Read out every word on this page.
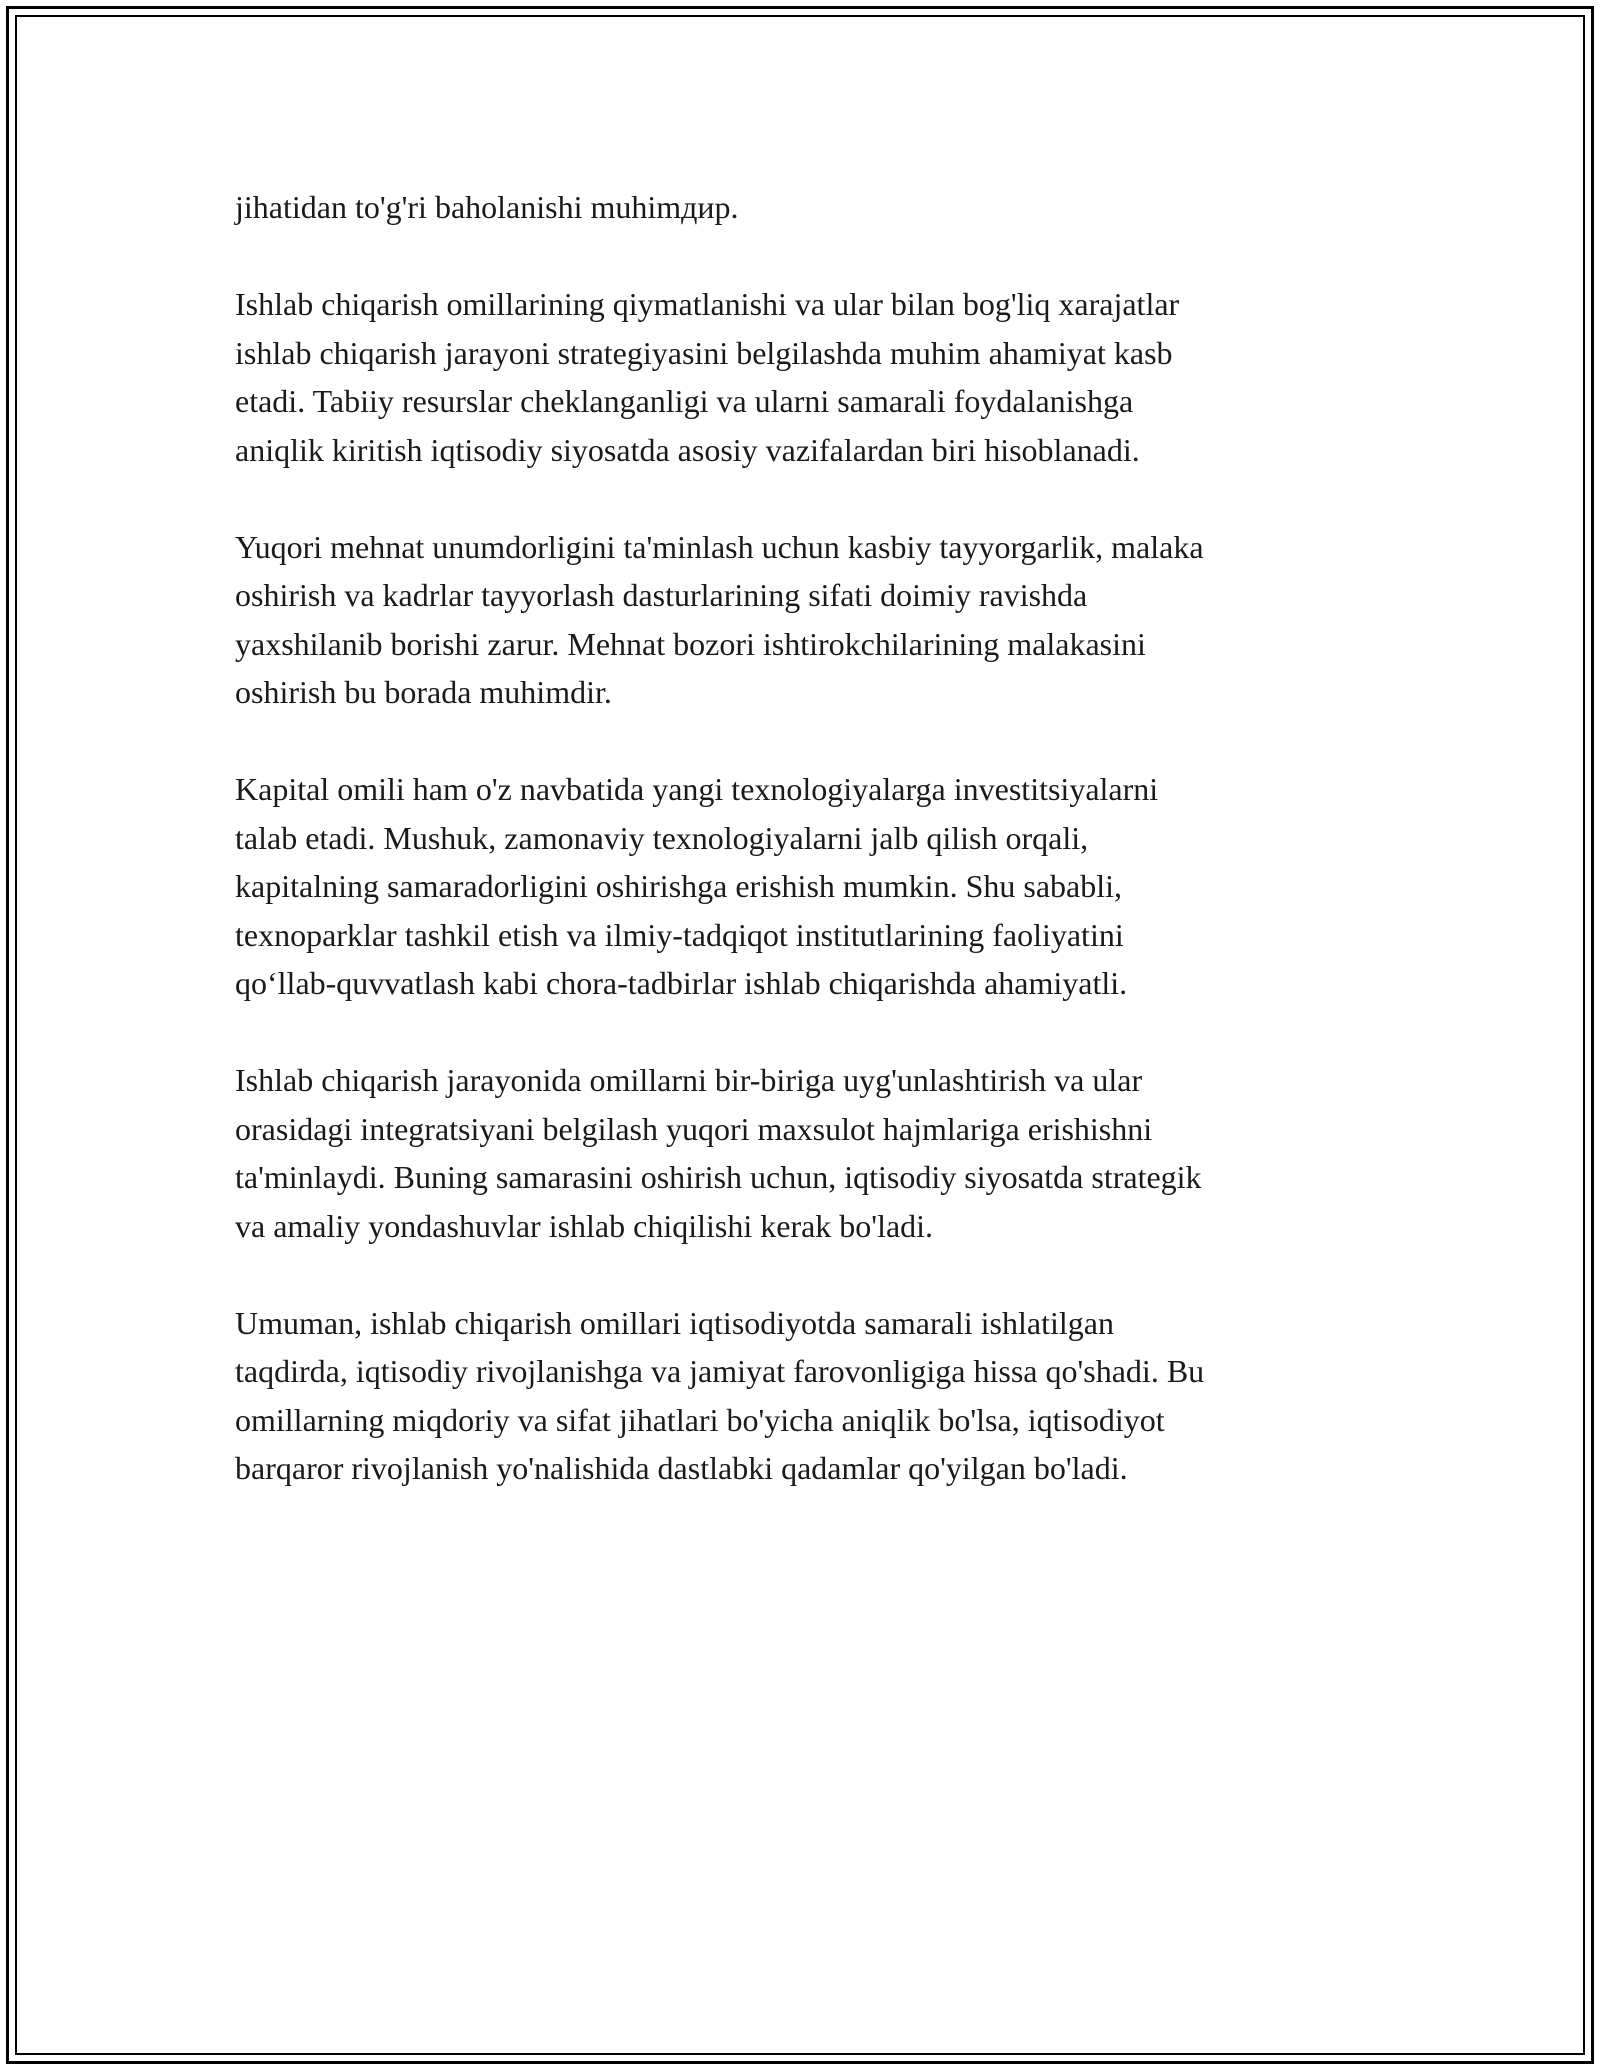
jihatidan to'g'ri baholanishi muhimдир.

Ishlab chiqarish omillarining qiymatlanishi va ular bilan bog'liq xarajatlar
ishlab chiqarish jarayoni strategiyasini belgilashda muhim ahamiyat kasb
etadi. Tabiiy resurslar cheklanganligi va ularni samarali foydalanishga
aniqlik kiritish iqtisodiy siyosatda asosiy vazifalardan biri hisoblanadi.

Yuqori mehnat unumdorligini ta'minlash uchun kasbiy tayyorgarlik, malaka
oshirish va kadrlar tayyorlash dasturlarining sifati doimiy ravishda
yaxshilanib borishi zarur. Mehnat bozori ishtirokchilarining malakasini
oshirish bu borada muhimdir.

Kapital omili ham o'z navbatida yangi texnologiyalarga investitsiyalarni
talab etadi. Mushuk, zamonaviy texnologiyalarni jalb qilish orqali,
kapitalning samaradorligini oshirishga erishish mumkin. Shu sababli,
texnoparklar tashkil etish va ilmiy-tadqiqot institutlarining faoliyatini
qo‘llab-quvvatlash kabi chora-tadbirlar ishlab chiqarishda ahamiyatli.

Ishlab chiqarish jarayonida omillarni bir-biriga uyg'unlashtirish va ular
orasidagi integratsiyani belgilash yuqori maxsulot hajmlariga erishishni
ta'minlaydi. Buning samarasini oshirish uchun, iqtisodiy siyosatda strategik
va amaliy yondashuvlar ishlab chiqilishi kerak bo'ladi.

Umuman, ishlab chiqarish omillari iqtisodiyotda samarali ishlatilgan
taqdirda, iqtisodiy rivojlanishga va jamiyat farovonligiga hissa qo'shadi. Bu
omillarning miqdoriy va sifat jihatlari bo'yicha aniqlik bo'lsa, iqtisodiyot
barqaror rivojlanish yo'nalishida dastlabki qadamlar qo'yilgan bo'ladi.
